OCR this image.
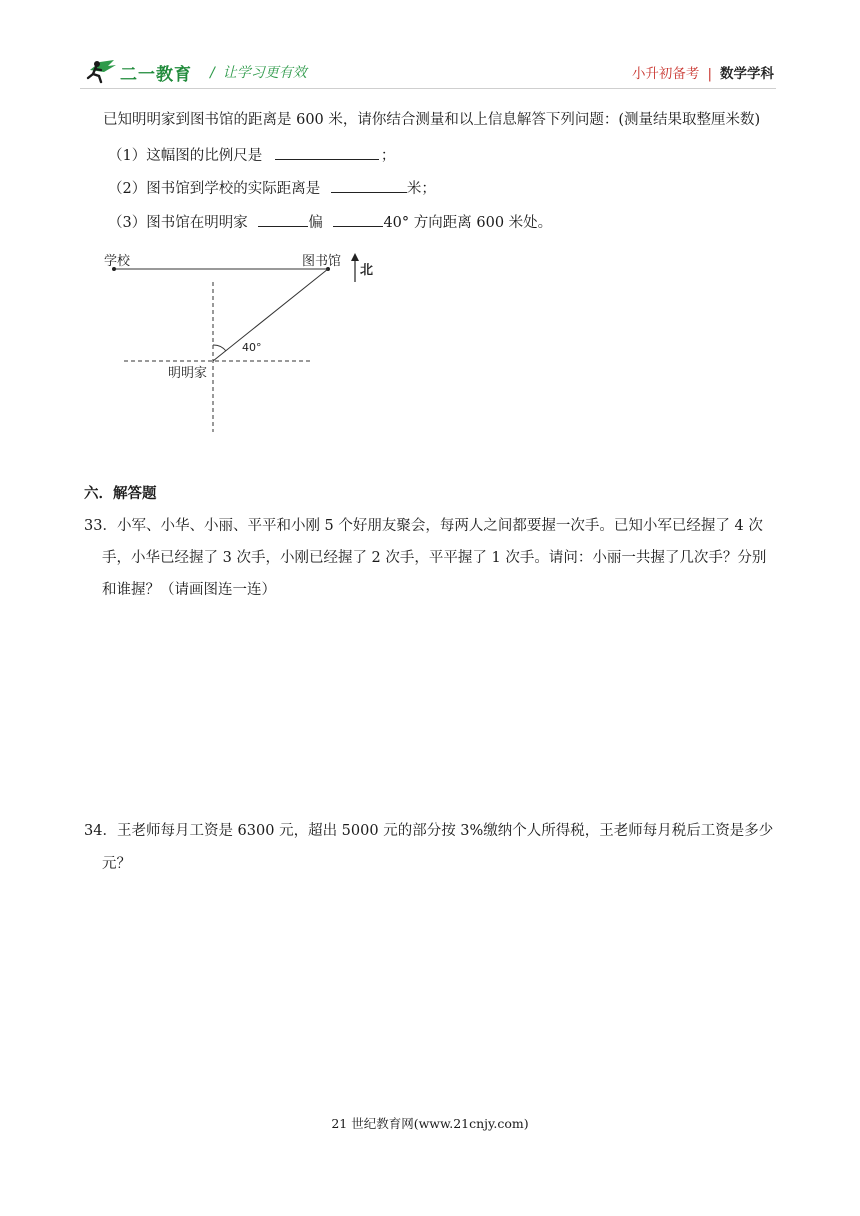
二一教育 / 让学习更有效	小升初备考 | 数学学科
已知明明家到图书馆的距离是 600 米，请你结合测量和以上信息解答下列问题：(测量结果取整厘米数)
（1）这幅图的比例尺是	；
（2）图书馆到学校的实际距离是	米；
（3）图书馆在明明家	偏	40° 方向距离 600 米处。
40°
北
学校	图书馆
明明家
六．解答题
33．小军、小华、小丽、平平和小刚 5 个好朋友聚会，每两人之间都要握一次手。已知小军已经握了 4 次
手，小华已经握了 3 次手，小刚已经握了 2 次手，平平握了 1 次手。请问：小丽一共握了几次手？分别
和谁握？（请画图连一连）
34．王老师每月工资是 6300 元，超出 5000 元的部分按 3%缴纳个人所得税，王老师每月税后工资是多少
元？
21 世纪教育网(www.21cnjy.com)
